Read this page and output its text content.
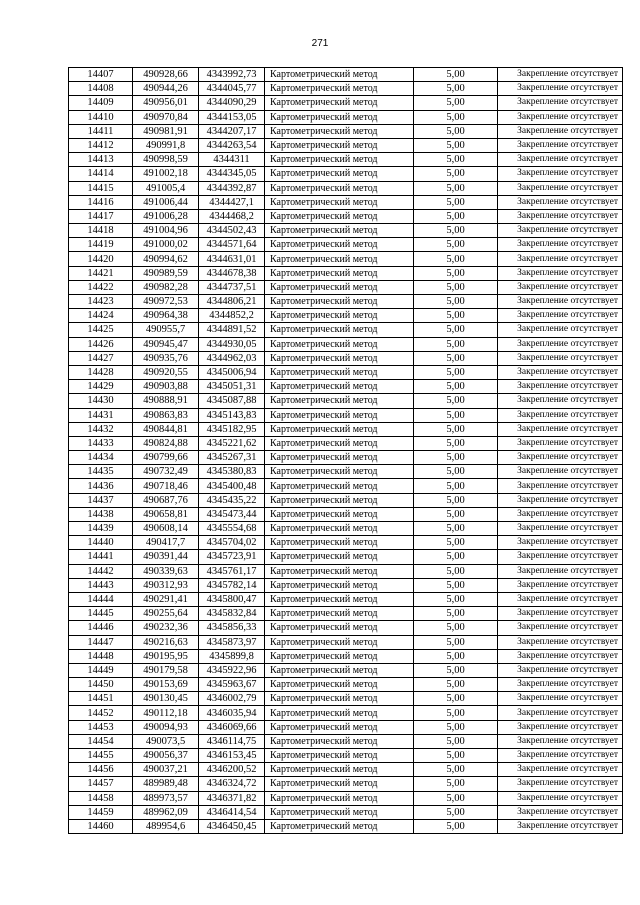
271
14407	490928,66	4343992,73	Картометрический метод	5,00	Закрепление отсутствует
14408	490944,26	4344045,77	Картометрический метод	5,00	Закрепление отсутствует
14409	490956,01	4344090,29	Картометрический метод	5,00	Закрепление отсутствует
14410	490970,84	4344153,05	Картометрический метод	5,00	Закрепление отсутствует
14411	490981,91	4344207,17	Картометрический метод	5,00	Закрепление отсутствует
14412	490991,8	4344263,54	Картометрический метод	5,00	Закрепление отсутствует
14413	490998,59	4344311	Картометрический метод	5,00	Закрепление отсутствует
14414	491002,18	4344345,05	Картометрический метод	5,00	Закрепление отсутствует
14415	491005,4	4344392,87	Картометрический метод	5,00	Закрепление отсутствует
14416	491006,44	4344427,1	Картометрический метод	5,00	Закрепление отсутствует
14417	491006,28	4344468,2	Картометрический метод	5,00	Закрепление отсутствует
14418	491004,96	4344502,43	Картометрический метод	5,00	Закрепление отсутствует
14419	491000,02	4344571,64	Картометрический метод	5,00	Закрепление отсутствует
14420	490994,62	4344631,01	Картометрический метод	5,00	Закрепление отсутствует
14421	490989,59	4344678,38	Картометрический метод	5,00	Закрепление отсутствует
14422	490982,28	4344737,51	Картометрический метод	5,00	Закрепление отсутствует
14423	490972,53	4344806,21	Картометрический метод	5,00	Закрепление отсутствует
14424	490964,38	4344852,2	Картометрический метод	5,00	Закрепление отсутствует
14425	490955,7	4344891,52	Картометрический метод	5,00	Закрепление отсутствует
14426	490945,47	4344930,05	Картометрический метод	5,00	Закрепление отсутствует
14427	490935,76	4344962,03	Картометрический метод	5,00	Закрепление отсутствует
14428	490920,55	4345006,94	Картометрический метод	5,00	Закрепление отсутствует
14429	490903,88	4345051,31	Картометрический метод	5,00	Закрепление отсутствует
14430	490888,91	4345087,88	Картометрический метод	5,00	Закрепление отсутствует
14431	490863,83	4345143,83	Картометрический метод	5,00	Закрепление отсутствует
14432	490844,81	4345182,95	Картометрический метод	5,00	Закрепление отсутствует
14433	490824,88	4345221,62	Картометрический метод	5,00	Закрепление отсутствует
14434	490799,66	4345267,31	Картометрический метод	5,00	Закрепление отсутствует
14435	490732,49	4345380,83	Картометрический метод	5,00	Закрепление отсутствует
14436	490718,46	4345400,48	Картометрический метод	5,00	Закрепление отсутствует
14437	490687,76	4345435,22	Картометрический метод	5,00	Закрепление отсутствует
14438	490658,81	4345473,44	Картометрический метод	5,00	Закрепление отсутствует
14439	490608,14	4345554,68	Картометрический метод	5,00	Закрепление отсутствует
14440	490417,7	4345704,02	Картометрический метод	5,00	Закрепление отсутствует
14441	490391,44	4345723,91	Картометрический метод	5,00	Закрепление отсутствует
14442	490339,63	4345761,17	Картометрический метод	5,00	Закрепление отсутствует
14443	490312,93	4345782,14	Картометрический метод	5,00	Закрепление отсутствует
14444	490291,41	4345800,47	Картометрический метод	5,00	Закрепление отсутствует
14445	490255,64	4345832,84	Картометрический метод	5,00	Закрепление отсутствует
14446	490232,36	4345856,33	Картометрический метод	5,00	Закрепление отсутствует
14447	490216,63	4345873,97	Картометрический метод	5,00	Закрепление отсутствует
14448	490195,95	4345899,8	Картометрический метод	5,00	Закрепление отсутствует
14449	490179,58	4345922,96	Картометрический метод	5,00	Закрепление отсутствует
14450	490153,69	4345963,67	Картометрический метод	5,00	Закрепление отсутствует
14451	490130,45	4346002,79	Картометрический метод	5,00	Закрепление отсутствует
14452	490112,18	4346035,94	Картометрический метод	5,00	Закрепление отсутствует
14453	490094,93	4346069,66	Картометрический метод	5,00	Закрепление отсутствует
14454	490073,5	4346114,75	Картометрический метод	5,00	Закрепление отсутствует
14455	490056,37	4346153,45	Картометрический метод	5,00	Закрепление отсутствует
14456	490037,21	4346200,52	Картометрический метод	5,00	Закрепление отсутствует
14457	489989,48	4346324,72	Картометрический метод	5,00	Закрепление отсутствует
14458	489973,57	4346371,82	Картометрический метод	5,00	Закрепление отсутствует
14459	489962,09	4346414,54	Картометрический метод	5,00	Закрепление отсутствует
14460	489954,6	4346450,45	Картометрический метод	5,00	Закрепление отсутствует
